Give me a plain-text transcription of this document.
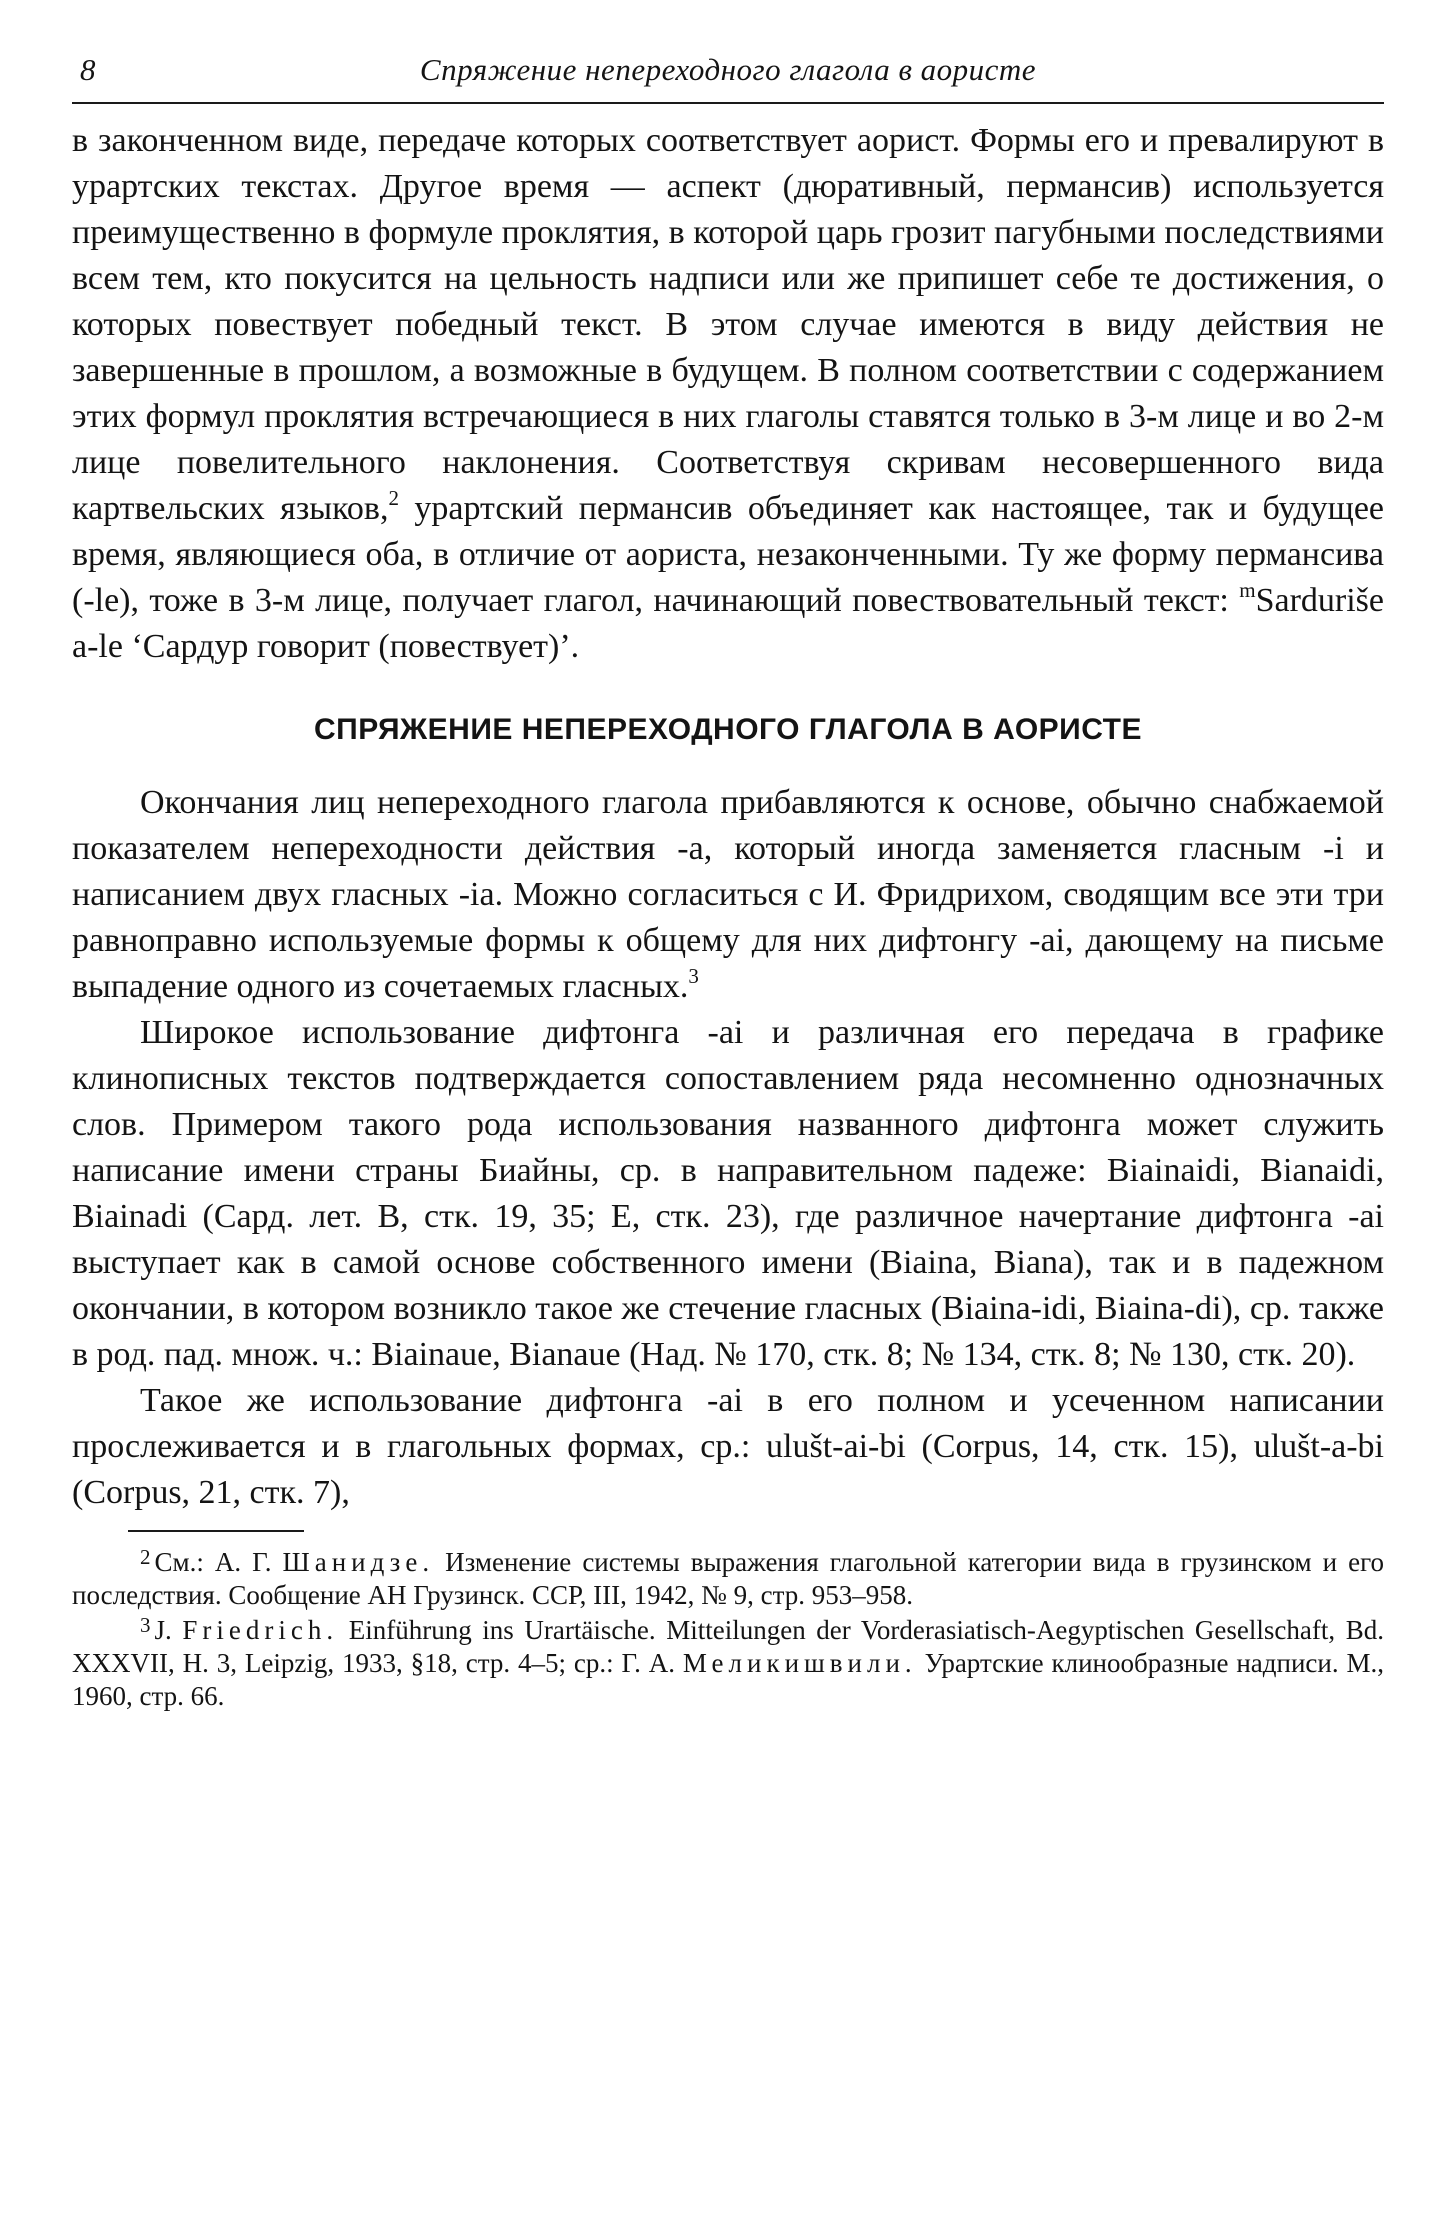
8	Спряжение непереходного глагола в аористе

в законченном виде, передаче которых соответствует аорист. Формы его и превалируют в урартских текстах. Другое время — аспект (дюративный, пермансив) используется преимущественно в формуле проклятия, в которой царь грозит пагубными последствиями всем тем, кто покусится на цельность надписи или же припишет себе те достижения, о которых повествует победный текст. В этом случае имеются в виду действия не завершенные в прошлом, а возможные в будущем. В полном соответствии с содержанием этих формул проклятия встречающиеся в них глаголы ставятся только в 3-м лице и во 2-м лице повелительного наклонения. Соответствуя скривам несовершенного вида картвельских языков,$^2$ урартский пермансив объединяет как настоящее, так и будущее время, являющиеся оба, в отличие от аориста, незаконченными. Ту же форму пермансива (-le), тоже в 3-м лице, получает глагол, начинающий повествовательный текст: $^m$Sarduriše a-le ‘Сардур говорит (повествует)’.

СПРЯЖЕНИЕ НЕПЕРЕХОДНОГО ГЛАГОЛА В АОРИСТЕ

Окончания лиц непереходного глагола прибавляются к основе, обычно снабжаемой показателем непереходности действия -а, который иногда заменяется гласным -i и написанием двух гласных -ia. Можно согласиться с И. Фридрихом, сводящим все эти три равноправно используемые формы к общему для них дифтонгу -ai, дающему на письме выпадение одного из сочетаемых гласных.$^3$

Широкое использование дифтонга -ai и различная его передача в графике клинописных текстов подтверждается сопоставлением ряда несомненно однозначных слов. Примером такого рода использования названного дифтонга может служить написание имени страны Биайны, ср. в направительном падеже: Biainaidi, Bianaidi, Biainadi (Сард. лет. В, стк. 19, 35; Е, стк. 23), где различное начертание дифтонга -ai выступает как в самой основе собственного имени (Biaina, Biana), так и в падежном окончании, в котором возникло такое же стечение гласных (Biaina-idi, Biaina-di), ср. также в род. пад. множ. ч.: Biainaue, Bianaue (Над. № 170, стк. 8; № 134, стк. 8; № 130, стк. 20).

Такое же использование дифтонга -ai в его полном и усеченном написании прослеживается и в глагольных формах, ср.: ulušt-ai-bi (Corpus, 14, стк. 15), ulušt-a-bi (Corpus, 21, стк. 7),

$^2$ См.: А. Г. Шанидзе. Изменение системы выражения глагольной категории вида в грузинском и его последствия. Сообщение АН Грузинск. ССР, III, 1942, № 9, стр. 953–958.

$^3$ J. Friedrich. Einführung ins Urartäische. Mitteilungen der Vorderasiatisch-Aegyptischen Gesellschaft, Bd. XXXVII, H. 3, Leipzig, 1933, §18, стр. 4–5; ср.: Г. А. Меликишвили. Урартские клинообразные надписи. М., 1960, стр. 66.
